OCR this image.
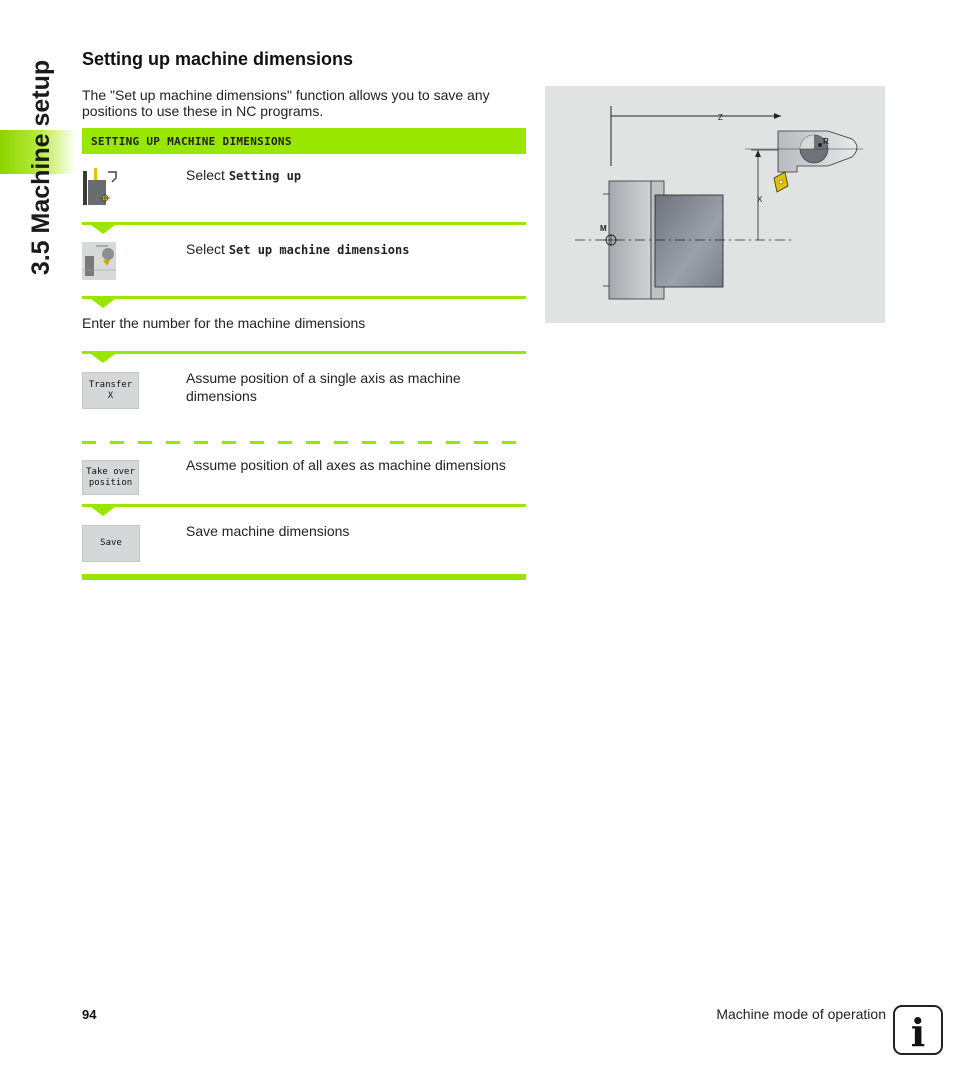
3.5 Machine setup
Setting up machine dimensions
The "Set up machine dimensions" function allows you to save any positions to use these in NC programs.
SETTING UP MACHINE DIMENSIONS
Select Setting up
Select Set up machine dimensions
Enter the number for the machine dimensions
Transfer
X
Assume position of a single axis as machine dimensions
Take over
position
Assume position of all axes as machine dimensions
Save
Save machine dimensions
Z
M
X
R
94	Machine mode of operation i
